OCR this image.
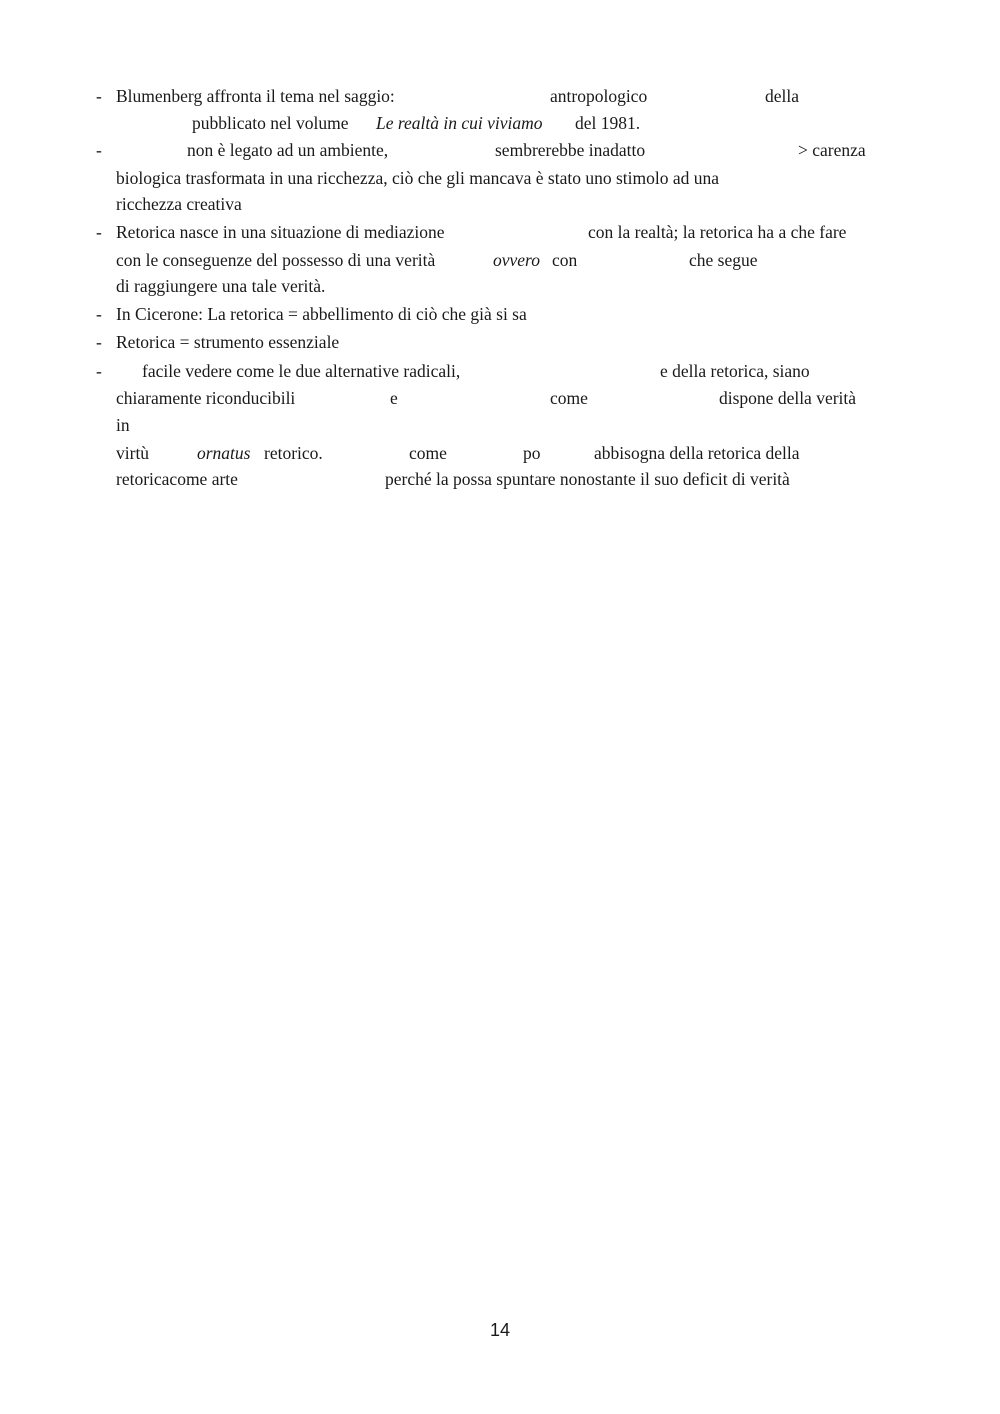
- Blumenberg affronta il tema nel saggio:	antropologico	della
pubblicato nel volume Le realtà in cui viviamo del 1981.
-	non è legato ad un ambiente,	sembrerebbe inadatto	> carenza
biologica trasformata in una ricchezza, ciò che gli mancava è stato uno stimolo ad una
ricchezza creativa
- Retorica nasce in una situazione di mediazione	con la realtà; la retorica ha a che fare
con le conseguenze del possesso di una verità	ovvero con	che segue
di raggiungere una tale verità.
- In Cicerone: La retorica = abbellimento di ciò che già si sa
- Retorica = strumento essenziale
- facile vedere come le due alternative radicali,	e della retorica, siano
chiaramente riconducibili	e	come	dispone della verità
in
virtù	ornatus retorico.	come	po	abbisogna della retorica della
retoricacome arte	perché la possa spuntare nonostante il suo deficit di verità
14
